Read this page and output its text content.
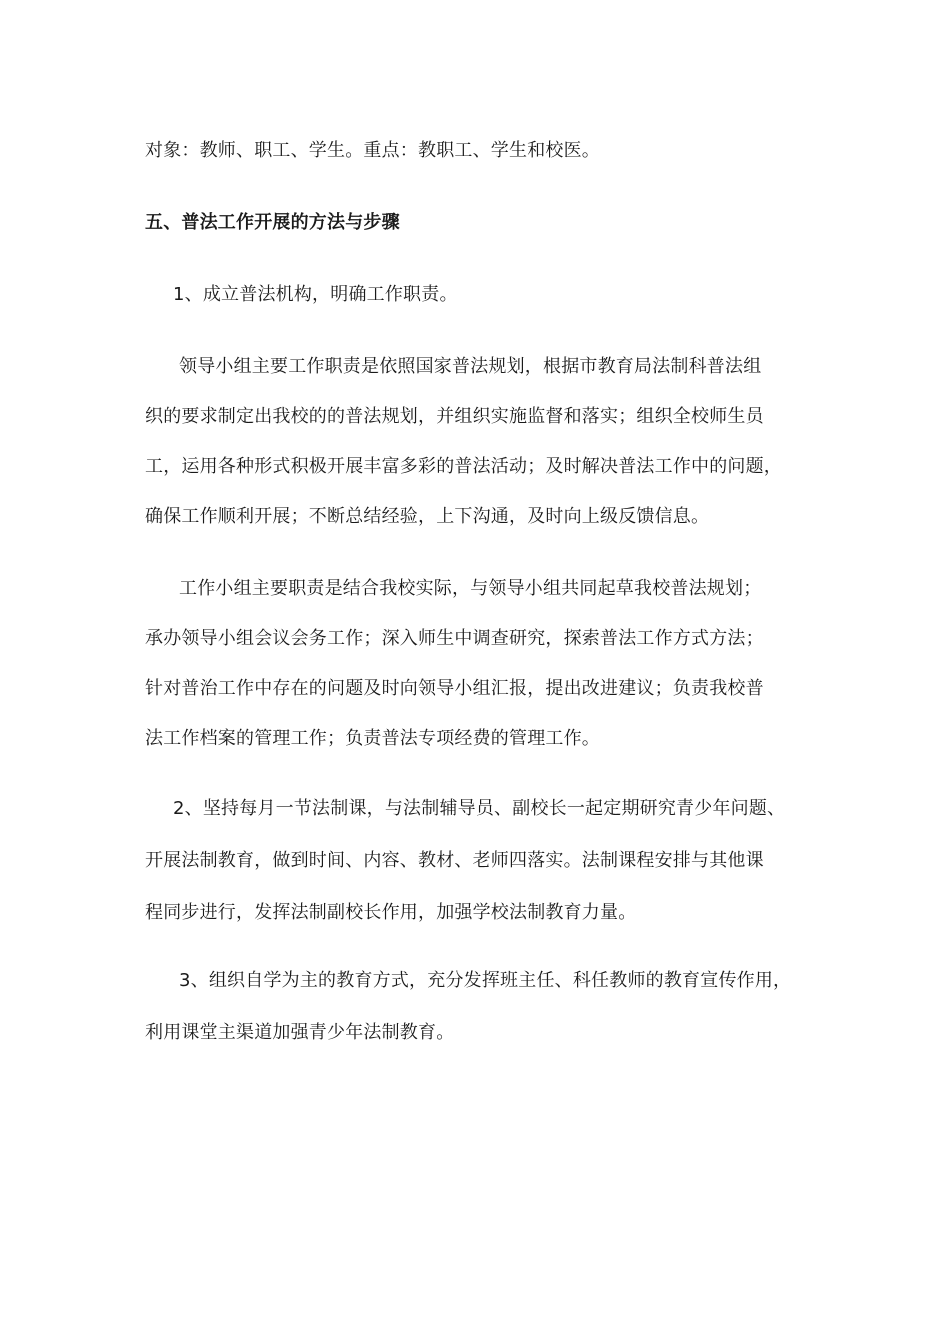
对象：教师、职工、学生。重点：教职工、学生和校医。
五、普法工作开展的方法与步骤
1、成立普法机构，明确工作职责。
领导小组主要工作职责是依照国家普法规划，根据市教育局法制科普法组
织的要求制定出我校的的普法规划，并组织实施监督和落实；组织全校师生员
工，运用各种形式积极开展丰富多彩的普法活动；及时解决普法工作中的问题，
确保工作顺利开展；不断总结经验，上下沟通，及时向上级反馈信息。
工作小组主要职责是结合我校实际，与领导小组共同起草我校普法规划；
承办领导小组会议会务工作；深入师生中调查研究，探索普法工作方式方法；
针对普治工作中存在的问题及时向领导小组汇报，提出改进建议；负责我校普
法工作档案的管理工作；负责普法专项经费的管理工作。
2、坚持每月一节法制课，与法制辅导员、副校长一起定期研究青少年问题、
开展法制教育，做到时间、内容、教材、老师四落实。法制课程安排与其他课
程同步进行，发挥法制副校长作用，加强学校法制教育力量。
3、组织自学为主的教育方式，充分发挥班主任、科任教师的教育宣传作用，
利用课堂主渠道加强青少年法制教育。
